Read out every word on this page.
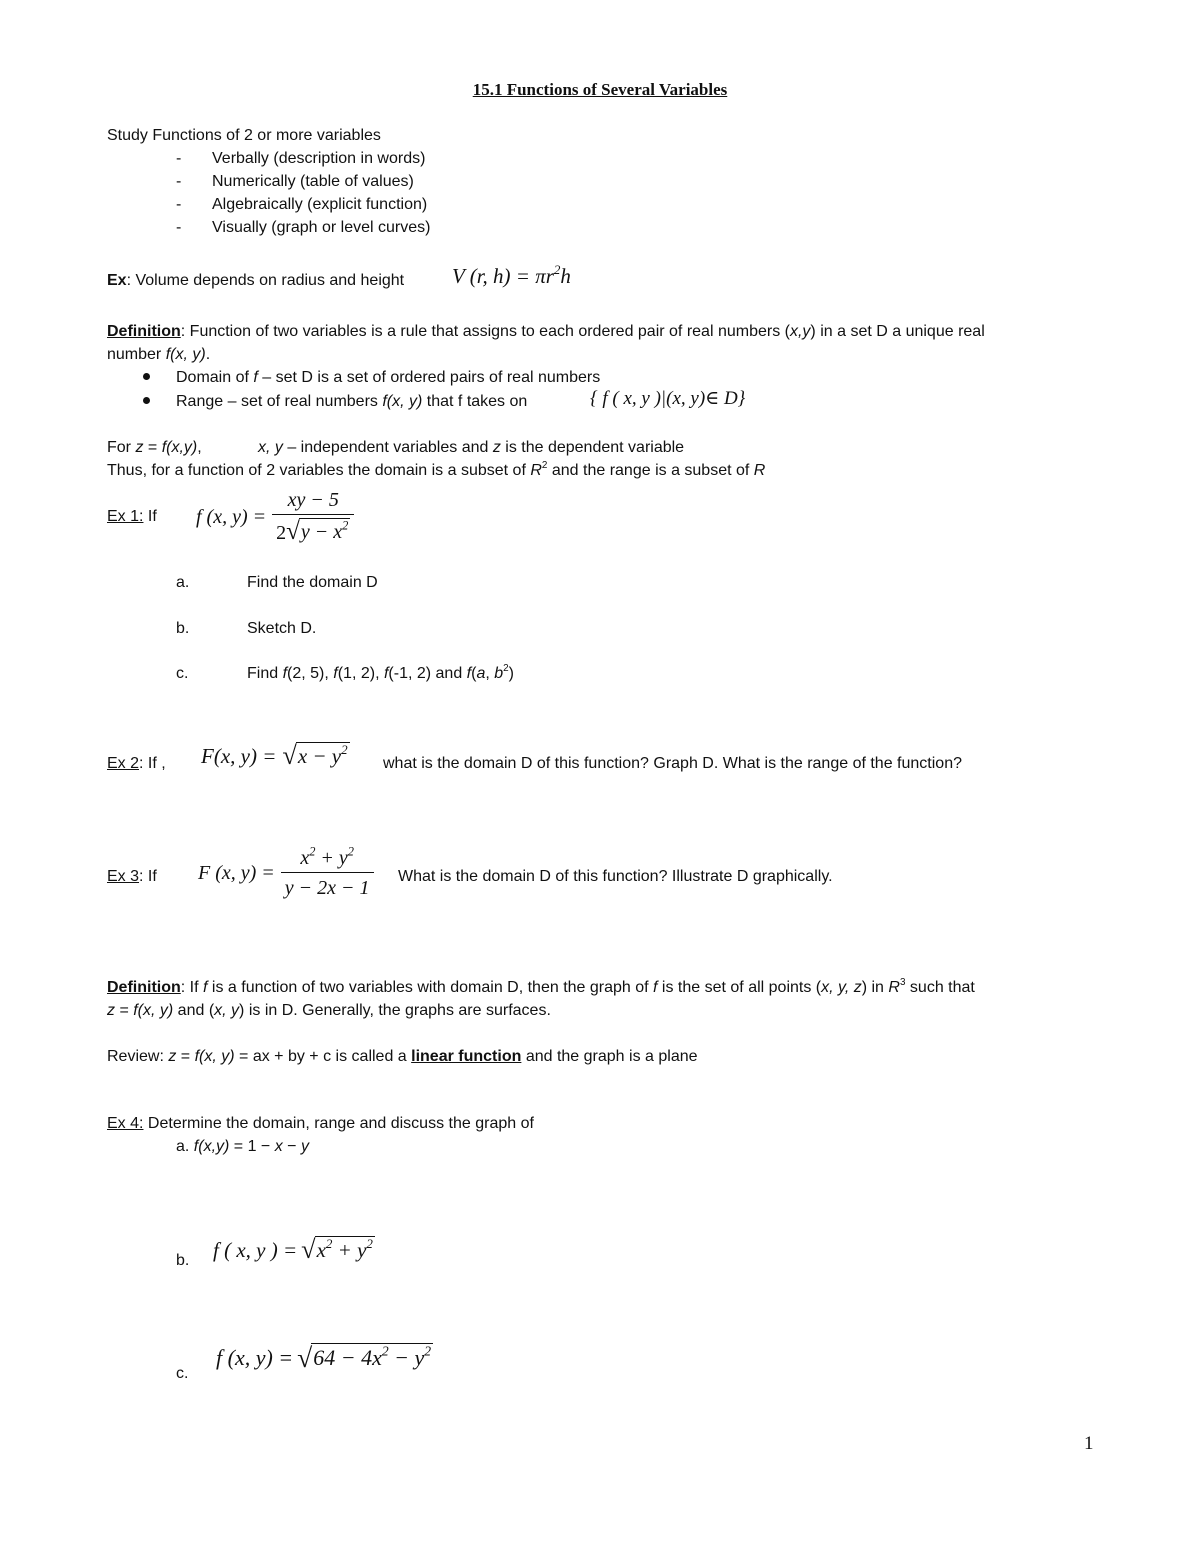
15.1 Functions of Several Variables
Study Functions of 2 or more variables
- Verbally (description in words)
- Numerically (table of values)
- Algebraically (explicit function)
- Visually (graph or level curves)
Ex: Volume depends on radius and height V (r, $h) = \pi r^2h$
Definition: Function of two variables is a rule that assigns to each ordered pair of real numbers (x,y) in a set D a unique real
number f(x, y).
Domain of f – set D is a set of ordered pairs of real numbers
Range – set of real numbers f(x, y) that f takes on	{ f ( x, y )|(x, y)∈ D}
For z = f(x,y),	x, y – independent variables and z is the dependent variable
Thus, for a function of 2 variables the domain is a subset of $R^2$ and the range is a subset of R
Ex 1: If f (x, $y) = \frac{xy - 5}{2 √ y - x^2}$
a.	Find the domain D
b.	Sketch D.
c.	Find f(2, 5), f(1, 2), f(-1, 2) and f(a, $b^2$)
Ex 2: If , F(x, y) = √ $x - y^2$
what is the domain D of this function? Graph D. What is the range of the function?
Ex 3: If F (x, $y) = \frac{x^2 + y^2}{y - 2x - 1}$ What is the domain D of this function? Illustrate D graphically.
Definition: If f is a function of two variables with domain D, then the graph of f is the set of all points (x, y, z) in $R^3$ such that
z = f(x, y) and (x, y) is in D. Generally, the graphs are surfaces.
Review: z = f(x, y) = ax + by + c is called a linear function and the graph is a plane
Ex 4: Determine the domain, range and discuss the graph of
a. f(x,y) = 1 − x − y
b. f ( x, y ) = √ $x^2 + y^2$
c.
f (x, y) = √ $64 - 4x^2 - y^2$
1
